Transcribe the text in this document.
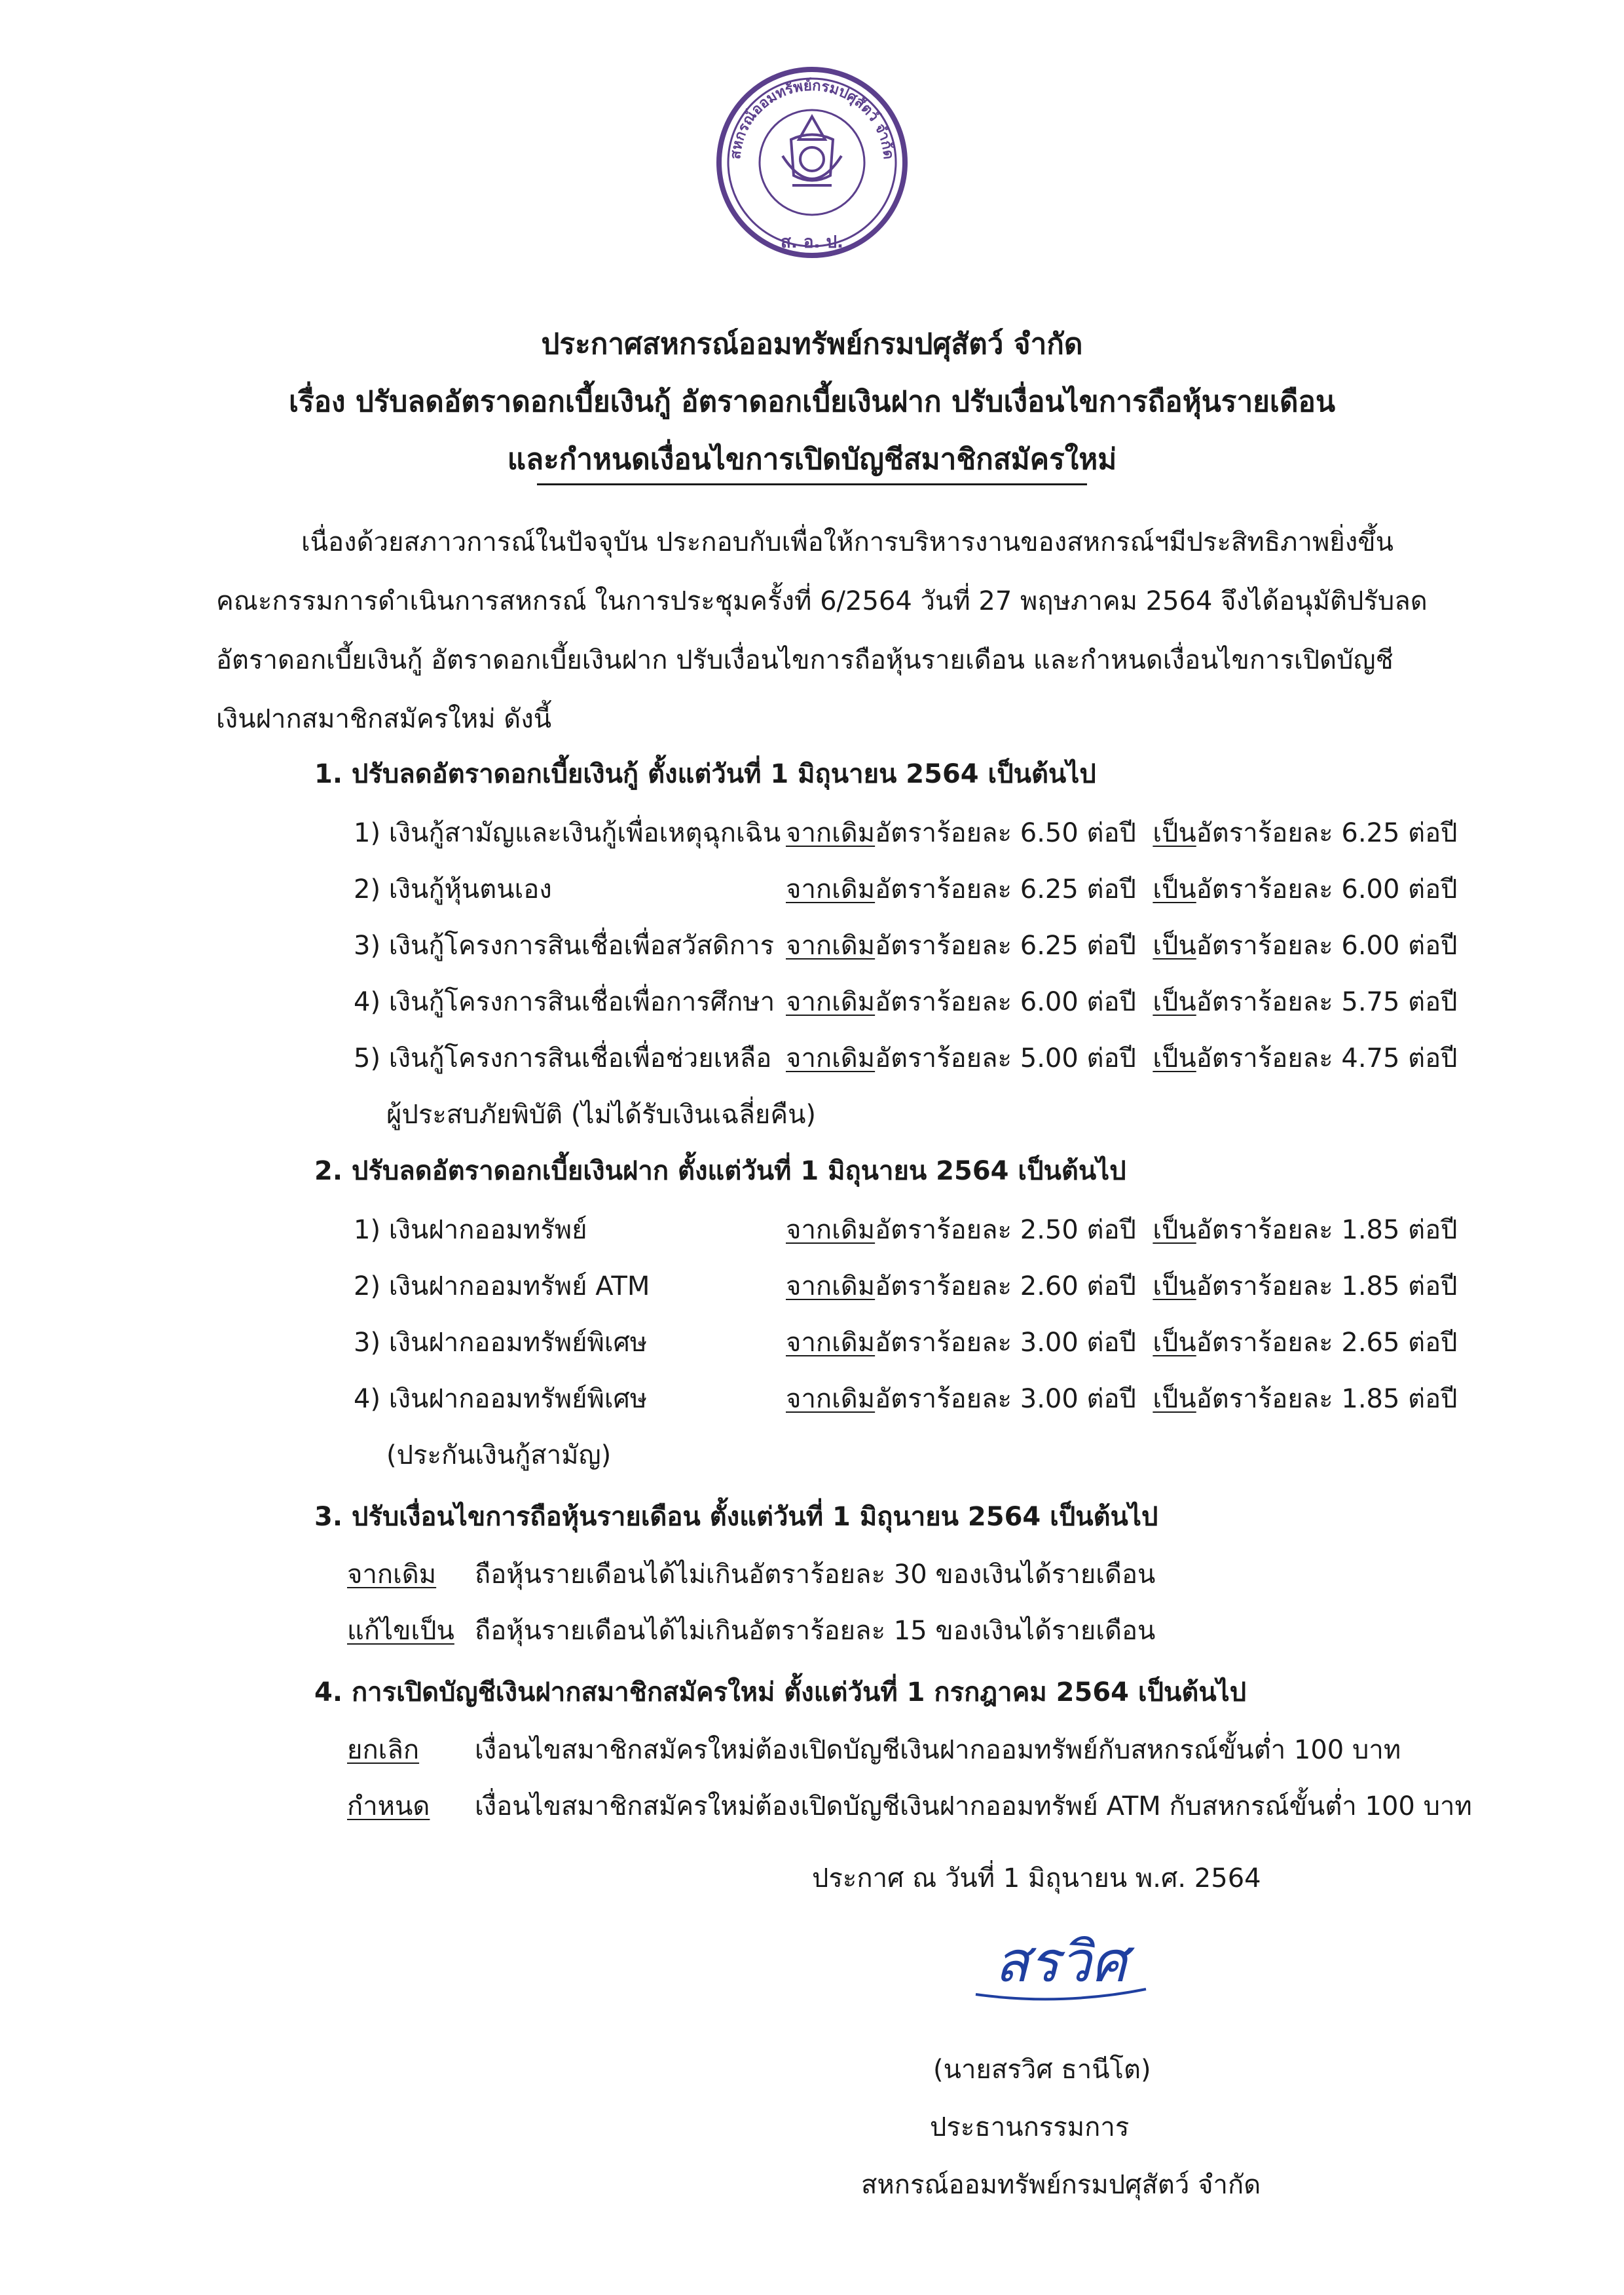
สหกรณ์ออมทรัพย์กรมปศุสัตว์ จำกัด
ส. อ. ป.
ประกาศสหกรณ์ออมทรัพย์กรมปศุสัตว์ จำกัด
เรื่อง ปรับลดอัตราดอกเบี้ยเงินกู้ อัตราดอกเบี้ยเงินฝาก ปรับเงื่อนไขการถือหุ้นรายเดือน
และกำหนดเงื่อนไขการเปิดบัญชีสมาชิกสมัครใหม่
เนื่องด้วยสภาวการณ์ในปัจจุบัน ประกอบกับเพื่อให้การบริหารงานของสหกรณ์ฯมีประสิทธิภาพยิ่งขึ้น
คณะกรรมการดำเนินการสหกรณ์ ในการประชุมครั้งที่ 6/2564 วันที่ 27 พฤษภาคม 2564 จึงได้อนุมัติปรับลด
อัตราดอกเบี้ยเงินกู้ อัตราดอกเบี้ยเงินฝาก ปรับเงื่อนไขการถือหุ้นรายเดือน และกำหนดเงื่อนไขการเปิดบัญชี
เงินฝากสมาชิกสมัครใหม่ ดังนี้
1. ปรับลดอัตราดอกเบี้ยเงินกู้ ตั้งแต่วันที่ 1 มิถุนายน 2564 เป็นต้นไป
1) เงินกู้สามัญและเงินกู้เพื่อเหตุฉุกเฉิน จากเดิมอัตราร้อยละ 6.50 ต่อปี เป็นอัตราร้อยละ 6.25 ต่อปี
2) เงินกู้หุ้นตนเอง	จากเดิมอัตราร้อยละ 6.25 ต่อปี เป็นอัตราร้อยละ 6.00 ต่อปี
3) เงินกู้โครงการสินเชื่อเพื่อสวัสดิการ จากเดิมอัตราร้อยละ 6.25 ต่อปี เป็นอัตราร้อยละ 6.00 ต่อปี
4) เงินกู้โครงการสินเชื่อเพื่อการศึกษา จากเดิมอัตราร้อยละ 6.00 ต่อปี เป็นอัตราร้อยละ 5.75 ต่อปี
5) เงินกู้โครงการสินเชื่อเพื่อช่วยเหลือ จากเดิมอัตราร้อยละ 5.00 ต่อปี เป็นอัตราร้อยละ 4.75 ต่อปี
ผู้ประสบภัยพิบัติ (ไม่ได้รับเงินเฉลี่ยคืน)
2. ปรับลดอัตราดอกเบี้ยเงินฝาก ตั้งแต่วันที่ 1 มิถุนายน 2564 เป็นต้นไป
1) เงินฝากออมทรัพย์	จากเดิมอัตราร้อยละ 2.50 ต่อปี เป็นอัตราร้อยละ 1.85 ต่อปี
2) เงินฝากออมทรัพย์ ATM	จากเดิมอัตราร้อยละ 2.60 ต่อปี เป็นอัตราร้อยละ 1.85 ต่อปี
3) เงินฝากออมทรัพย์พิเศษ	จากเดิมอัตราร้อยละ 3.00 ต่อปี เป็นอัตราร้อยละ 2.65 ต่อปี
4) เงินฝากออมทรัพย์พิเศษ	จากเดิมอัตราร้อยละ 3.00 ต่อปี เป็นอัตราร้อยละ 1.85 ต่อปี
(ประกันเงินกู้สามัญ)
3. ปรับเงื่อนไขการถือหุ้นรายเดือน ตั้งแต่วันที่ 1 มิถุนายน 2564 เป็นต้นไป
จากเดิม ถือหุ้นรายเดือนได้ไม่เกินอัตราร้อยละ 30 ของเงินได้รายเดือน
แก้ไขเป็น ถือหุ้นรายเดือนได้ไม่เกินอัตราร้อยละ 15 ของเงินได้รายเดือน
4. การเปิดบัญชีเงินฝากสมาชิกสมัครใหม่ ตั้งแต่วันที่ 1 กรกฎาคม 2564 เป็นต้นไป
ยกเลิก เงื่อนไขสมาชิกสมัครใหม่ต้องเปิดบัญชีเงินฝากออมทรัพย์กับสหกรณ์ขั้นต่ำ 100 บาท
กำหนด เงื่อนไขสมาชิกสมัครใหม่ต้องเปิดบัญชีเงินฝากออมทรัพย์ ATM กับสหกรณ์ขั้นต่ำ 100 บาท
ประกาศ ณ วันที่ 1 มิถุนายน พ.ศ. 2564
สรวิศ
(นายสรวิศ ธานีโต)
ประธานกรรมการ
สหกรณ์ออมทรัพย์กรมปศุสัตว์ จำกัด
